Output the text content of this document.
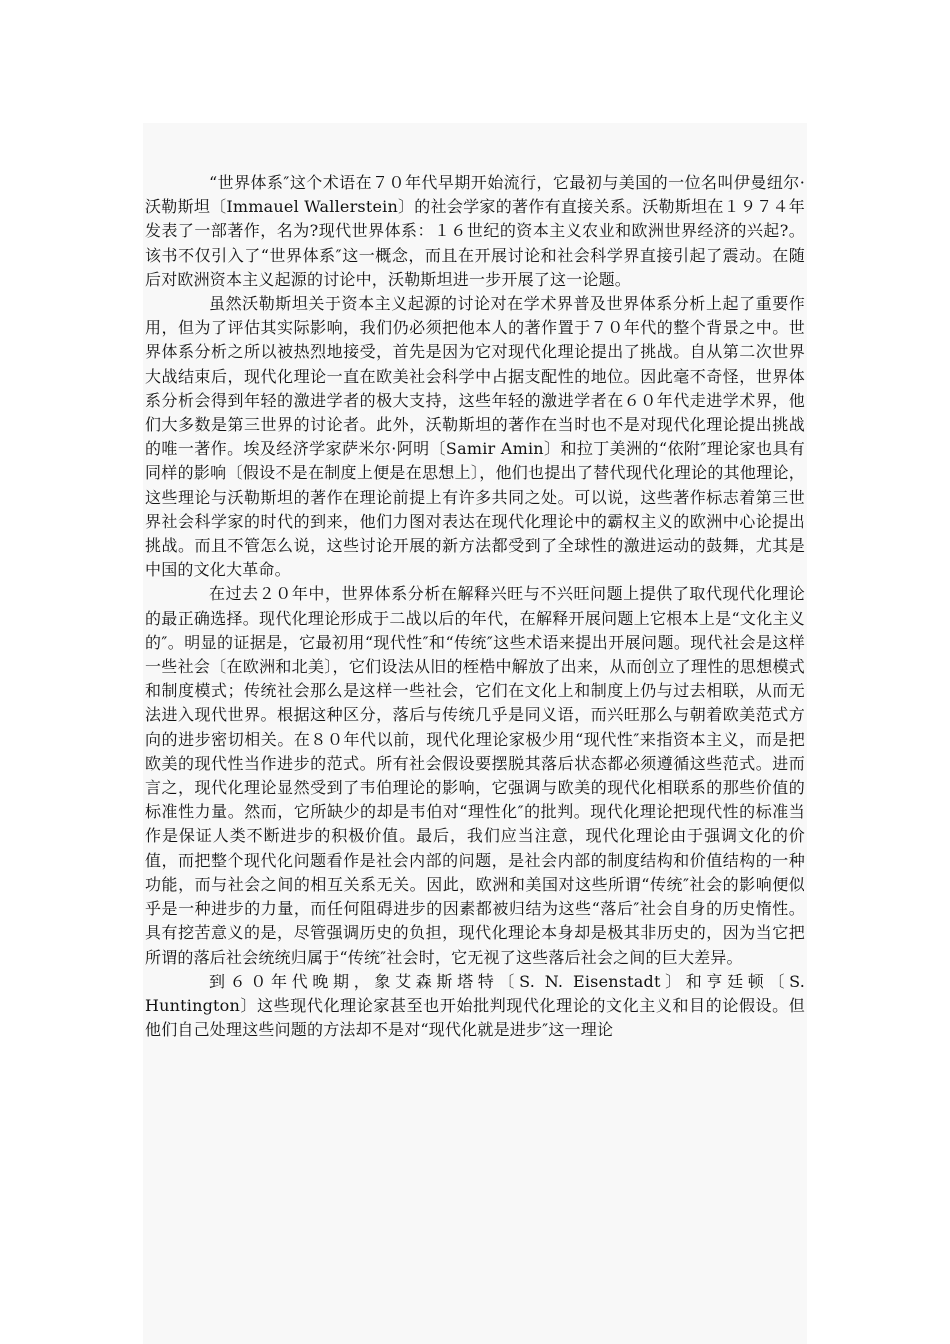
“世界体系″这个术语在７０年代早期开始流行，它最初与美国的一位名叫伊曼纽尔·沃勒斯坦〔Immauel Wallerstein〕的社会学家的著作有直接关系。沃勒斯坦在１９７４年发表了一部著作，名为?现代世界体系：１６世纪的资本主义农业和欧洲世界经济的兴起?。该书不仅引入了“世界体系″这一概念，而且在开展讨论和社会科学界直接引起了震动。在随后对欧洲资本主义起源的讨论中，沃勒斯坦进一步开展了这一论题。

虽然沃勒斯坦关于资本主义起源的讨论对在学术界普及世界体系分析上起了重要作用，但为了评估其实际影响，我们仍必须把他本人的著作置于７０年代的整个背景之中。世界体系分析之所以被热烈地接受，首先是因为它对现代化理论提出了挑战。自从第二次世界大战结束后，现代化理论一直在欧美社会科学中占据支配性的地位。因此毫不奇怪，世界体系分析会得到年轻的激进学者的极大支持，这些年轻的激进学者在６０年代走进学术界，他们大多数是第三世界的讨论者。此外，沃勒斯坦的著作在当时也不是对现代化理论提出挑战的唯一著作。埃及经济学家萨米尔·阿明〔Samir Amin〕和拉丁美洲的“依附″理论家也具有同样的影响〔假设不是在制度上便是在思想上〕，他们也提出了替代现代化理论的其他理论，这些理论与沃勒斯坦的著作在理论前提上有许多共同之处。可以说，这些著作标志着第三世界社会科学家的时代的到来，他们力图对表达在现代化理论中的霸权主义的欧洲中心论提出挑战。而且不管怎么说，这些讨论开展的新方法都受到了全球性的激进运动的鼓舞，尤其是中国的文化大革命。

在过去２０年中，世界体系分析在解释兴旺与不兴旺问题上提供了取代现代化理论的最正确选择。现代化理论形成于二战以后的年代，在解释开展问题上它根本上是“文化主义的″。明显的证据是，它最初用“现代性″和“传统″这些术语来提出开展问题。现代社会是这样一些社会〔在欧洲和北美〕，它们设法从旧的桎梏中解放了出来，从而创立了理性的思想模式和制度模式；传统社会那么是这样一些社会，它们在文化上和制度上仍与过去相联，从而无法进入现代世界。根据这种区分，落后与传统几乎是同义语，而兴旺那么与朝着欧美范式方向的进步密切相关。在８０年代以前，现代化理论家极少用“现代性″来指资本主义，而是把欧美的现代性当作进步的范式。所有社会假设要摆脱其落后状态都必须遵循这些范式。进而言之，现代化理论显然受到了韦伯理论的影响，它强调与欧美的现代化相联系的那些价值的标准性力量。然而，它所缺少的却是韦伯对“理性化″的批判。现代化理论把现代性的标准当作是保证人类不断进步的积极价值。最后，我们应当注意，现代化理论由于强调文化的价值，而把整个现代化问题看作是社会内部的问题，是社会内部的制度结构和价值结构的一种功能，而与社会之间的相互关系无关。因此，欧洲和美国对这些所谓“传统″社会的影响便似乎是一种进步的力量，而任何阻碍进步的因素都被归结为这些“落后″社会自身的历史惰性。具有挖苦意义的是，尽管强调历史的负担，现代化理论本身却是极其非历史的，因为当它把所谓的落后社会统统归属于“传统″社会时，它无视了这些落后社会之间的巨大差异。

到６０年代晚期，象艾森斯塔特〔S. N. Eisenstadt〕和亨廷顿〔S. Huntington〕这些现代化理论家甚至也开始批判现代化理论的文化主义和目的论假设。但他们自己处理这些问题的方法却不是对“现代化就是进步″这一理论
